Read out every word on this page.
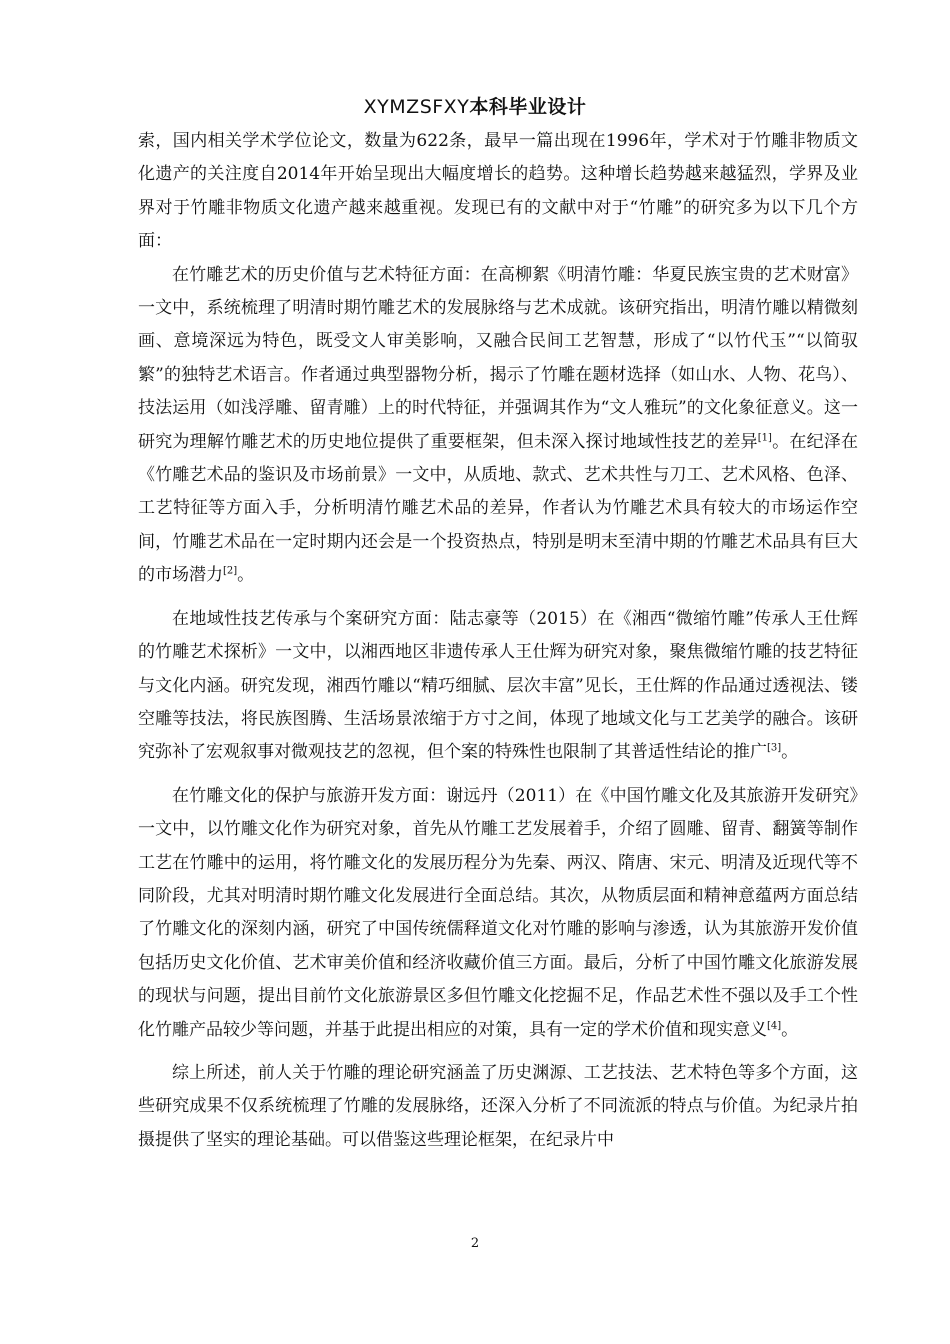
XYMZSFXY本科毕业设计

索，国内相关学术学位论文，数量为622条，最早一篇出现在1996年，学术对于竹雕非物质文化遗产的关注度自2014年开始呈现出大幅度增长的趋势。这种增长趋势越来越猛烈，学界及业界对于竹雕非物质文化遗产越来越重视。发现已有的文献中对于“竹雕”的研究多为以下几个方面：

在竹雕艺术的历史价值与艺术特征方面：在高柳絮《明清竹雕：华夏民族宝贵的艺术财富》一文中，系统梳理了明清时期竹雕艺术的发展脉络与艺术成就。该研究指出，明清竹雕以精微刻画、意境深远为特色，既受文人审美影响，又融合民间工艺智慧，形成了“以竹代玉”“以简驭繁”的独特艺术语言。作者通过典型器物分析，揭示了竹雕在题材选择（如山水、人物、花鸟）、技法运用（如浅浮雕、留青雕）上的时代特征，并强调其作为“文人雅玩”的文化象征意义。这一研究为理解竹雕艺术的历史地位提供了重要框架，但未深入探讨地域性技艺的差异[1]。在纪泽在《竹雕艺术品的鉴识及市场前景》一文中，从质地、款式、艺术共性与刀工、艺术风格、色泽、工艺特征等方面入手，分析明清竹雕艺术品的差异，作者认为竹雕艺术具有较大的市场运作空间，竹雕艺术品在一定时期内还会是一个投资热点，特别是明末至清中期的竹雕艺术品具有巨大的市场潜力[2]。

在地域性技艺传承与个案研究方面：陆志豪等（2015）在《湘西“微缩竹雕”传承人王仕辉的竹雕艺术探析》一文中，以湘西地区非遗传承人王仕辉为研究对象，聚焦微缩竹雕的技艺特征与文化内涵。研究发现，湘西竹雕以“精巧细腻、层次丰富”见长，王仕辉的作品通过透视法、镂空雕等技法，将民族图腾、生活场景浓缩于方寸之间，体现了地域文化与工艺美学的融合。该研究弥补了宏观叙事对微观技艺的忽视，但个案的特殊性也限制了其普适性结论的推广[3]。

在竹雕文化的保护与旅游开发方面：谢远丹（2011）在《中国竹雕文化及其旅游开发研究》一文中，以竹雕文化作为研究对象，首先从竹雕工艺发展着手，介绍了圆雕、留青、翻簧等制作工艺在竹雕中的运用，将竹雕文化的发展历程分为先秦、两汉、隋唐、宋元、明清及近现代等不同阶段，尤其对明清时期竹雕文化发展进行全面总结。其次，从物质层面和精神意蕴两方面总结了竹雕文化的深刻内涵，研究了中国传统儒释道文化对竹雕的影响与渗透，认为其旅游开发价值包括历史文化价值、艺术审美价值和经济收藏价值三方面。最后，分析了中国竹雕文化旅游发展的现状与问题，提出目前竹文化旅游景区多但竹雕文化挖掘不足，作品艺术性不强以及手工个性化竹雕产品较少等问题，并基于此提出相应的对策，具有一定的学术价值和现实意义[4]。

综上所述，前人关于竹雕的理论研究涵盖了历史渊源、工艺技法、艺术特色等多个方面，这些研究成果不仅系统梳理了竹雕的发展脉络，还深入分析了不同流派的特点与价值。为纪录片拍摄提供了坚实的理论基础。可以借鉴这些理论框架，在纪录片中

2
